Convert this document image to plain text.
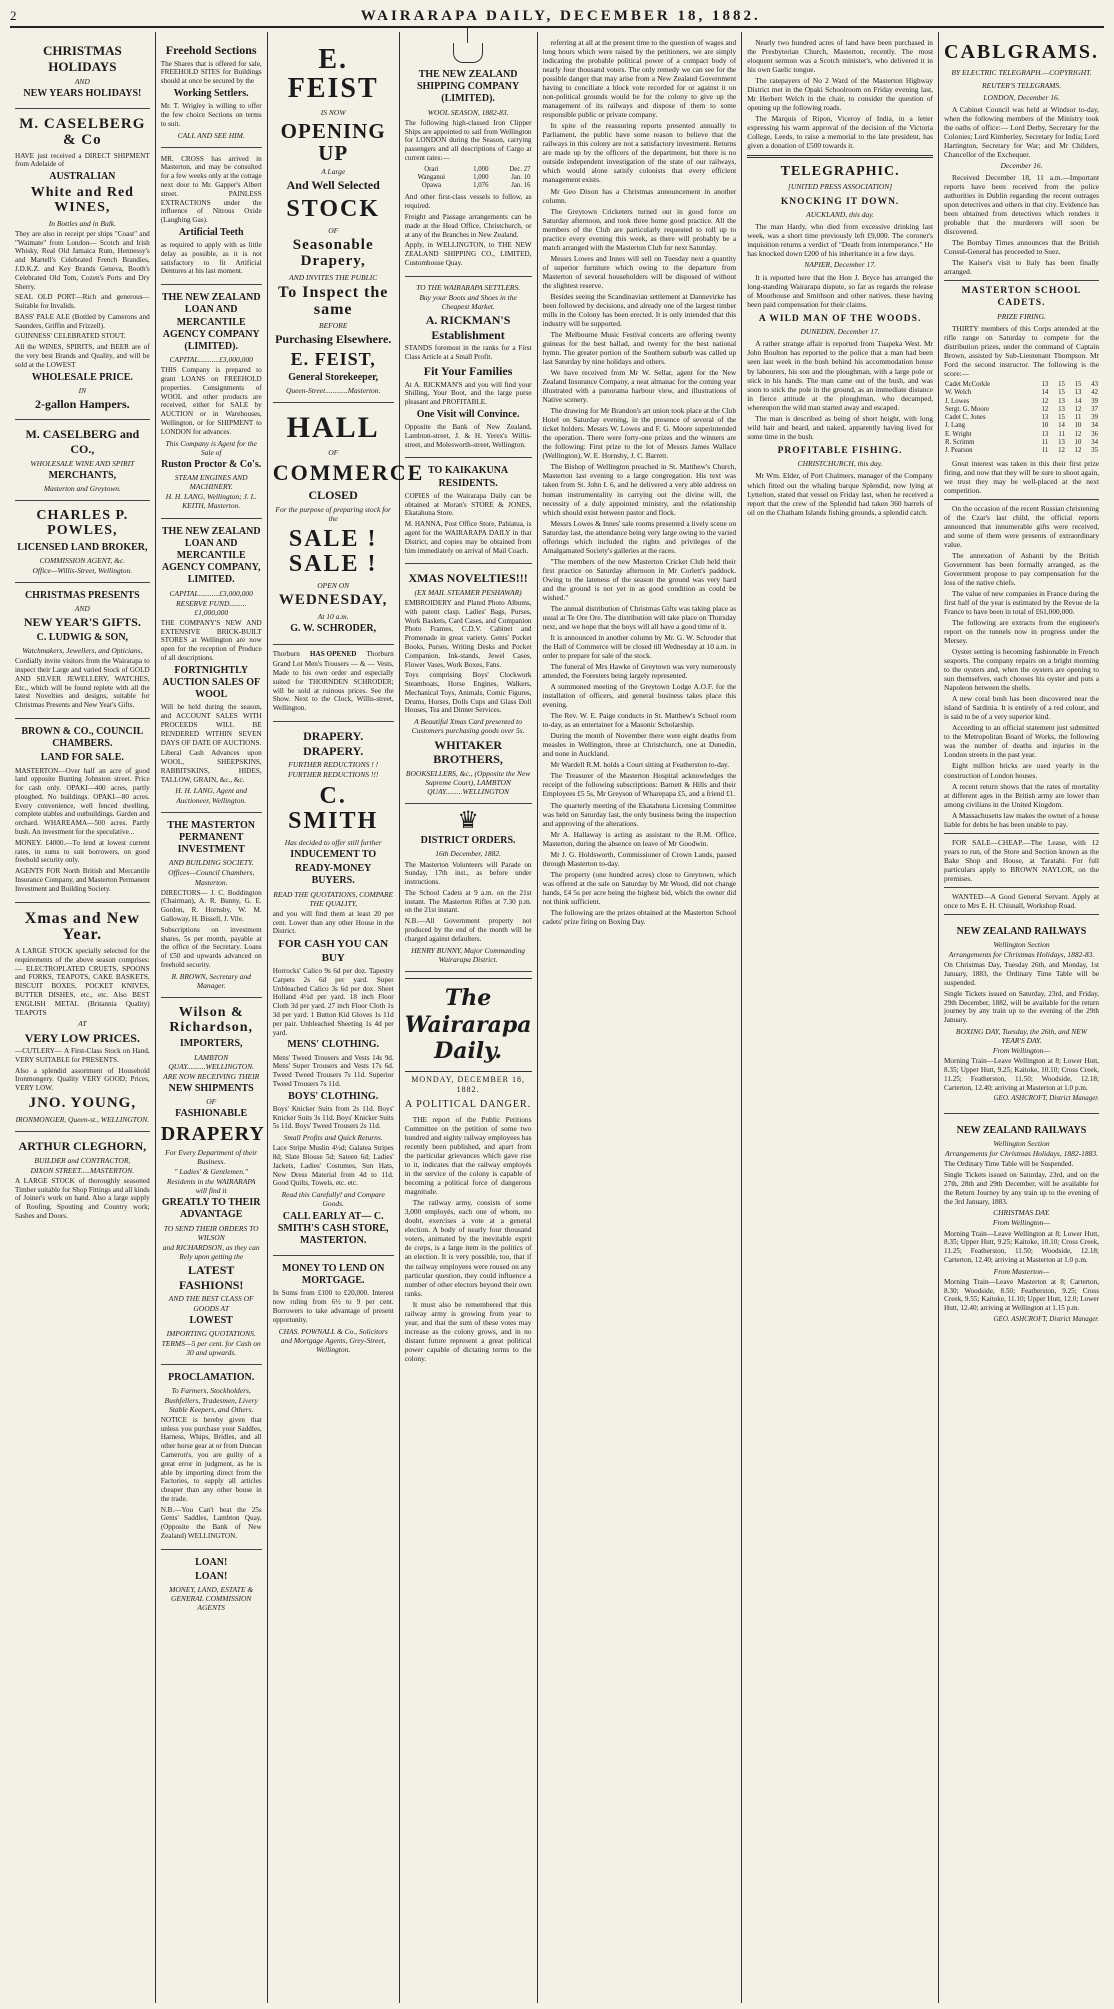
2	WAIRARAPA DAILY, DECEMBER 18, 1882.
CHRISTMAS HOLIDAYS
AND
NEW YEARS HOLIDAYS!
M. CASELBERG & Co

HAVE just received a DIRECT SHIPMENT from Adelaide of

AUSTRALIAN
White and Red WINES,
In Bottles and in Bulk.

They are also in receipt per ships "Coast" and "Waimate" from London— Scotch and Irish Whisky, Real Old Jamaica Rum, Hennessy's and Martell's Celebrated French Brandies, J.D.K.Z. and Key Brands Geneva, Booth's Celebrated Old Tom, Cozen's Ports and Dry Sherry.

SEAL OLD PORT—Rich and generous—Suitable for Invalids.

BASS' PALE ALE (Bottled by Camerons and Saunders, Griffin and Frizzell).

GUINNESS' CELEBRATED STOUT.

All the WINES, SPIRITS, and BEER are of the very best Brands and Quality, and will be sold at the LOWEST

WHOLESALE PRICE.
IN
2-gallon Hampers.
M. CASELBERG and CO.,
WHOLESALE WINE AND SPIRIT
MERCHANTS,
Masterton and Greytown.
CHARLES P. POWLES,
LICENSED LAND BROKER,
COMMISSION AGENT, &c.
Office—Willis-Street, Wellington.
CHRISTMAS PRESENTS
AND
NEW YEAR'S GIFTS.
C. LUDWIG & SON,
Watchmakers, Jewellers, and Opticians,

Cordially invite visitors from the Wairarapa to inspect their Large and varied Stock of GOLD AND SILVER JEWELLERY, WATCHES, Etc., which will be found replete with all the latest Novelties and designs, suitable for Christmas Presents and New Year's Gifts.

BROWN & CO., COUNCIL CHAMBERS.
LAND FOR SALE.

MASTERTON—Over half an acre of good land opposite Bunting Johnston street. Price for cash only. OPAKI—400 acres, partly ploughed. No buildings. OPAKI—80 acres. Every convenience, well fenced dwelling, complete stables and outbuildings. Garden and orchard. WHAREAMA—500 acres. Partly bush. An investment for the speculative...

MONEY. £4000.—To lend at lowest current rates, in sums to suit borrowers, on good freehold security only.

AGENTS FOR North British and Mercantile Insurance Company, and Masterton Permanent Investment and Building Society.

Xmas and New Year.

A LARGE STOCK specially selected for the requirements of the above season comprises:— ELECTROPLATED CRUETS, SPOONS and FORKS, TEAPOTS, CAKE BASKETS, BISCUIT BOXES, POCKET KNIVES, BUTTER DISHES, etc., etc. Also BEST ENGLISH METAL (Britannia Quality) TEAPOTS

AT
VERY LOW PRICES.

—CUTLERY— A First-Class Stock on Hand, VERY SUITABLE for PRESENTS.

Also a splendid assortment of Household Ironmongery. Quality VERY GOOD; Prices, VERY LOW.

JNO. YOUNG,
IRONMONGER, Queen-st., WELLINGTON.
ARTHUR CLEGHORN,
BUILDER and CONTRACTOR,
DIXON STREET.....MASTERTON.

A LARGE STOCK of thoroughly seasoned Timber suitable for Shop Fittings and all kinds of Joiner's work on hand. Also a large supply of Roofing, Spouting and Country work; Sashes and Doors.

Freehold Sections

The Shares that is offered for sale, FREEHOLD SITES for Buildings should at once be secured by the

Working Settlers.

Mr. T. Wrigley is willing to offer the few choice Sections on terms to suit.

CALL AND SEE HIM.

MR. CROSS has arrived in Masterton, and may be consulted for a few weeks only at the cottage next door to Mr. Gapper's Albert street. PAINLESS EXTRACTIONS under the influence of Nitrous Oxide (Laughing Gas).

Artificial Teeth

as required to apply with as little delay as possible, as it is not satisfactory to fit Artificial Dentures at his last moment.

THE NEW ZEALAND LOAN AND MERCANTILE AGENCY COMPANY (LIMITED).
CAPITAL...........£3,000,000

THIS Company is prepared to grant LOANS on FREEHOLD properties. Consignments of WOOL and other products are received, either for SALE by AUCTION or in Warehouses, Wellington, or for SHIPMENT to LONDON for advances.

This Company is Agent for the Sale of
Ruston Proctor & Co's.
STEAM ENGINES AND MACHINERY.
H. H. LANG, Wellington; J. L. KEITH, Masterton.
THE NEW ZEALAND LOAN AND MERCANTILE AGENCY COMPANY, LIMITED.
CAPITAL...........£3,000,000
RESERVE FUND.........£1,000,000

THE COMPANY'S NEW AND EXTENSIVE BRICK-BUILT STORES at Wellington are now open for the reception of Produce of all descriptions.

FORTNIGHTLY AUCTION SALES OF WOOL

Will be held during the season, and ACCOUNT SALES WITH PROCEEDS WILL BE RENDERED WITHIN SEVEN DAYS OF DATE OF AUCTIONS.

Liberal Cash Advances upon WOOL, SHEEPSKINS, RABBITSKINS, HIDES, TALLOW, GRAIN, &c., &c.

H. H. LANG, Agent and Auctioneer, Wellington.
THE MASTERTON PERMANENT INVESTMENT
AND BUILDING SOCIETY.
Offices—Council Chambers, Masterton.

DIRECTORS— J. C. Boddington (Chairman), A. R. Bunny, G. E. Gordon, R. Hornsby, W. M. Galloway, H. Bissell, J. Vile.

Subscriptions on investment shares, 5s per month, payable at the office of the Secretary. Loans of £50 and upwards advanced on freehold security.

R. BROWN, Secretary and Manager.
Wilson & Richardson,
IMPORTERS,
LAMBTON QUAY..........WELLINGTON.
ARE NOW RECEIVING THEIR
NEW SHIPMENTS
OF
FASHIONABLE
DRAPERY
For Every Department of their Business.
" Ladies' & Gentlemen."
Residents in the WAIRARAPA will find it
GREATLY TO THEIR ADVANTAGE
TO SEND THEIR ORDERS TO WILSON
and RICHARDSON, as they can Rely upon getting the
LATEST FASHIONS!
AND THE BEST CLASS OF GOODS AT
LOWEST
IMPORTING QUOTATIONS.
TERMS—5 per cent. for Cash on 30 and upwards.
PROCLAMATION.
To Farmers, Stockholders, Bushfellers, Tradesmen, Livery Stable Keepers, and Others.

NOTICE is hereby given that unless you purchase your Saddles, Harness, Whips, Bridles, and all other horse gear at or from Duncan Cameron's, you are guilty of a great error in judgment, as he is able by importing direct from the Factories, to supply all articles cheaper than any other house in the trade.

N.B.—You Can't beat the 25s Gents' Saddles, Lambton Quay, (Opposite the Bank of New Zealand) WELLINGTON.

LOAN!
LOAN!
MONEY, LAND, ESTATE & GENERAL COMMISSION AGENTS
E. FEIST
IS NOW
OPENING UP
A Large
And Well Selected
STOCK
OF
Seasonable Drapery,
AND INVITES THE PUBLIC
To Inspect the same
BEFORE
Purchasing Elsewhere.
E. FEIST,
General Storekeeper,
Queen-Street............Masterton.
HALL
OF
COMMERCE
CLOSED
For the purpose of preparing stock for the
SALE ! SALE !
OPEN ON
WEDNESDAY,
At 10 a.m.
G. W. SCHRODER,
Thorburn HAS OPENED Thorburn

Grand Lot Men's Trousers — & — Vests, Made to his own order and especially suited for THORNDEN SCHRODER; will be sold at ruinous prices. See the Show. Next to the Clock, Willis-street, Wellington.

DRAPERY. DRAPERY.
FURTHER REDUCTIONS ! !
FURTHER REDUCTIONS !!!
C. SMITH
Has decided to offer still further
INDUCEMENT TO
READY-MONEY BUYERS.
READ THE QUOTATIONS, COMPARE THE QUALITY,

and you will find them at least 20 per cent. Lower than any other House in the District.

FOR CASH YOU CAN BUY

Horrocks' Calico 9s 6d per doz. Tapestry Carpets 2s 6d per yard. Super Unbleached Calico 3s 6d per doz. Sheet Holland 4½d per yard. 18 inch Floor Cloth 3d per yard. 27 inch Floor Cloth 1s 3d per yard. 1 Button Kid Gloves 1s 11d per pair. Unbleached Sheeting 1s 4d per yard.

MENS' CLOTHING.

Mens' Tweed Trousers and Vests 14s 9d. Mens' Super Trousers and Vests 17s 6d. Tweed Tweed Trousers 7s 11d. Superior Tweed Trousers 7s 11d.

BOYS' CLOTHING.

Boys' Knicker Suits from 2s 11d. Boys' Knicker Suits 3s 11d. Boys' Knicker Suits 5s 11d. Boys' Tweed Trousers 2s 11d.

Small Profits and Quick Returns.

Lace Stripe Muslin 4½d; Galatea Stripes 8d; Slate Blouse 5d; Sateen 6d; Ladies' Jackets, Ladies' Costumes, Sun Hats, New Dress Material from 4d to 11d. Good Quilts, Towels, etc. etc.

Read this Carefully! and Compare Goods.
CALL EARLY AT— C. SMITH'S CASH STORE, MASTERTON.
MONEY TO LEND ON MORTGAGE.

In Sums from £100 to £20,000. Interest now ruling from 6½ to 9 per cent. Borrowers to take advantage of present opportunity.

CHAS. POWNALL & Co., Solicitors and Mortgage Agents, Grey-Street, Wellington.
THE NEW ZEALAND SHIPPING COMPANY (LIMITED).
WOOL SEASON, 1882-83.

The following high-classed Iron Clipper Ships are appointed to sail from Wellington for LONDON during the Season, carrying passengers and all descriptions of Cargo at current rates:—

Orari	1,000	Dec. 27
Wanganui	1,000	Jan. 10
Opawa	1,076	Jan. 16

And other first-class vessels to follow, as required.

Freight and Passage arrangements can be made at the Head Office, Christchurch, or at any of the Branches in New Zealand.

Apply, in WELLINGTON, to THE NEW ZEALAND SHIPPING CO., LIMITED, Customhouse Quay.

TO THE WAIRARAPA SETTLERS.
Buy your Boots and Shoes in the Cheapest Market.
A. RICKMAN'S Establishment

STANDS foremost in the ranks for a First Class Article at a Small Profit.

Fit Your Families

At A. RICKMAN'S and you will find your Shilling, Your Boot, and the large purse pleasant and PROFITABLE.

One Visit will Convince.

Opposite the Bank of New Zealand, Lambton-street, J. & H. Yerex's Willis-street, and Molesworth-street, Wellington.

TO KAIKAKUNA RESIDENTS.

COPIES of the Wairarapa Daily can be obtained at Moran's STORE & JONES, Ekatahuna Store.

M. HANNA, Post Office Store, Pahiatua, is agent for the WAIRARAPA DAILY in that District, and copies may be obtained from him immediately on arrival of Mail Coach.

XMAS NOVELTIES!!!
(EX MAIL STEAMER PESHAWAR)

EMBROIDERY and Plated Photo Albums, with patent clasp. Ladies' Bags, Purses, Work Baskets, Card Cases, and Companion Photo Frames, C.D.V. Cabinet and Promenade in great variety. Gents' Pocket Books, Purses, Writing Desks and Pocket Companion, Ink-stands, Jewel Cases, Flower Vases, Work Boxes, Fans.

Toys comprising Boys' Clockwork Steamboats, Horse Engines, Walkers, Mechanical Toys, Animals, Comic Figures, Drums, Horses, Dolls Cups and Glass Doll Houses, Tea and Dinner Services.

A Beautiful Xmas Card presented to Customers purchasing goods over 5s.
WHITAKER BROTHERS,
BOOKSELLERS, &c., (Opposite the New Supreme Court), LAMBTON QUAY.........WELLINGTON
♛
DISTRICT ORDERS.
16th December, 1882.

The Masterton Volunteers will Parade on Sunday, 17th inst., as before under instructions.

The School Cadets at 9 a.m. on the 21st instant. The Masterton Rifles at 7.30 p.m. on the 21st instant.

N.B.—All Government property not produced by the end of the month will be charged against defaulters.

HENRY BUNNY, Major Commanding Wairarapa District.
The Wairarapa Daily.
MONDAY, DECEMBER 18, 1882.
A POLITICAL DANGER.

THE report of the Public Petitions Committee on the petition of some two hundred and eighty railway employees has recently been published, and apart from the particular grievances which gave rise to it, indicates that the railway employés in the service of the colony is capable of becoming a political force of dangerous magnitude.

The railway army, consists of some 3,000 employés, each one of whom, no doubt, exercises a vote at a general election. A body of nearly four thousand voters, animated by the inevitable esprit de corps, is a large item in the politics of an election. It is very possible, too, that if the railway employees were roused on any particular question, they could influence a number of other electors beyond their own ranks.

It must also be remembered that this railway army is growing from year to year, and that the sum of these votes may increase as the colony grows, and in no distant future represent a great political power capable of dictating terms to the colony.

referring at all at the present time to the question of wages and long hours which were raised by the petitioners, we are simply indicating the probable political power of a compact body of nearly four thousand voters. The only remedy we can see for the possible danger that may arise from a New Zealand Government having to conciliate a block vote recorded for or against it on non-political grounds would be for the colony to give up the management of its railways and dispose of them to some responsible public or private company.

In spite of the reassuring reports presented annually to Parliament, the public have some reason to believe that the railways in this colony are not a satisfactory investment. Returns are made up by the officers of the department, but there is no outside independent investigation of the state of our railways, which would alone satisfy colonists that every efficient management exists.

Mr Geo Dixon has a Christmas announcement in another column.

The Greytown Cricketers turned out in good force on Saturday afternoon, and took three home good practice. All the members of the Club are particularly requested to roll up to practice every evening this week, as there will probably be a match arranged with the Masterton Club for next Saturday.

Messrs Lowes and Innes will sell on Tuesday next a quantity of superior furniture which owing to the departure from Masterton of several householders will be disposed of without the slightest reserve.

Besides seeing the Scandinavian settlement at Dannevirke has been followed by decisions, and already one of the largest timber mills in the Colony has been erected. It is only intended that this industry will be supported.

The Melbourne Music Festival concerts are offering twenty guineas for the best ballad, and twenty for the best national hymn. The greater portion of the Southern suburb was called up last Saturday by nine holidays and others.

We have received from Mr W. Sellar, agent for the New Zealand Insurance Company, a neat almanac for the coming year illustrated with a panorama harbour view, and illustrations of Native scenery.

The drawing for Mr Brandon's art union took place at the Club Hotel on Saturday evening, in the presence of several of the ticket holders. Messrs W. Lowes and F. G. Moore superintended the operation. There were forty-one prizes and the winners are the following: First prize to the lot of Messrs James Wallace (Wellington), W. E. Hornsby, J. C. Barrett.

The Bishop of Wellington preached in St. Matthew's Church, Masterton last evening to a large congregation. His text was taken from St. John I. 6, and he delivered a very able address on human instrumentality in carrying out the divine will, the necessity of a duly appointed ministry, and the relationship which should exist between pastor and flock.

Messrs Lowes & Innes' sale rooms presented a lively scene on Saturday last, the attendance being very large owing to the varied offerings which included the rights and privileges of the Amalgamated Society's galleries at the races.

"The members of the new Masterton Cricket Club held their first practice on Saturday afternoon in Mr Corlett's paddock. Owing to the lateness of the season the ground was very hard and the ground is not yet in as good condition as could be wished."

The annual distribution of Christmas Gifts was taking place as usual at Te Ore Ore. The distribution will take place on Thursday next, and we hope that the boys will all have a good time of it.

It is announced in another column by Mr. G. W. Schroder that the Hall of Commerce will be closed till Wednesday at 10 a.m. in order to prepare for sale of the stock.

The funeral of Mrs Hawke of Greytown was very numerously attended, the Foresters being largely represented.

A summoned meeting of the Greytown Lodge A.O.F. for the installation of officers, and general business takes place this evening.

The Rev. W. E. Paige conducts in St. Matthew's School room to-day, as an entertainer for a Masonic Scholarship.

During the month of November there were eight deaths from measles in Wellington, three at Christchurch, one at Dunedin, and none in Auckland.

Mr Wardell R.M. holds a Court sitting at Featherston to-day.

The Treasurer of the Masterton Hospital acknowledges the receipt of the following subscriptions: Barnett & Hills and their Employees £5 5s, Mr Greyson of Wharepapa £5, and a friend £1.

The quarterly meeting of the Ekatahuna Licensing Committee was held on Saturday last, the only business being the inspection and approving of the alterations.

Mr A. Hallaway is acting as assistant to the R.M. Office, Masterton, during the absence on leave of Mr Goodwin.

Mr J. G. Holdsworth, Commissioner of Crown Lands, passed through Masterton to-day.

The property (one hundred acres) close to Greytown, which was offered at the sale on Saturday by Mr Wood, did not change hands, £4 5s per acre being the highest bid, which the owner did not think sufficient.

The following are the prizes obtained at the Masterton School cadets' prize firing on Boxing Day.

Nearly two hundred acres of land have been purchased in the Presbyterian Church, Masterton, recently. The most eloquent sermon was a Scotch minister's, who delivered it in his own Gaelic tongue.

The ratepayers of No 2 Ward of the Masterton Highway District met in the Opaki Schoolroom on Friday evening last, Mr Herbert Welch in the chair, to consider the question of opening up the following roads.

The Marquis of Ripon, Viceroy of India, in a letter expressing his warm approval of the decision of the Victoria College, Leeds, to raise a memorial to the late president, has given a donation of £500 towards it.

TELEGRAPHIC.
[UNITED PRESS ASSOCIATION]
KNOCKING IT DOWN.
AUCKLAND, this day.

The man Hardy, who died from excessive drinking last week, was a short time previously left £9,000. The coroner's inquisition returns a verdict of "Death from intemperance." He has knocked down £200 of his inheritance in a few days.

NAPIER, December 17.

It is reported here that the Hon J. Bryce has arranged the long-standing Wairarapa dispute, so far as regards the release of Moorhouse and Smithson and other natives, these having been paid compensation for their claims.

A WILD MAN OF THE WOODS.
DUNEDIN, December 17.

A rather strange affair is reported from Tuapeka West. Mr John Boulton has reported to the police that a man had been seen last week in the bush behind his accommodation house by labourers, his son and the ploughman, with a large pole or stick in his hands. The man came out of the bush, and was soon to stick the pole in the ground, as an immediate distance in fierce attitude at the ploughman, who decamped, whereupon the wild man started away and escaped.

The man is described as being of short height, with long wild hair and beard, and naked, apparently having lived for some time in the bush.

PROFITABLE FISHING.
CHRISTCHURCH, this day.

Mr Wm. Elder, of Port Chalmers, manager of the Company which fitted out the whaling barque Splendid, now lying at Lyttelton, stated that vessel on Friday last, when he received a report that the crew of the Splendid had taken 360 barrels of oil on the Chatham Islands fishing grounds, a splendid catch.

CABLGRAMS.
BY ELECTRIC TELEGRAPH.—COPYRIGHT.
REUTER'S TELEGRAMS.
LONDON, December 16.

A Cabinet Council was held at Windsor to-day, when the following members of the Ministry took the oaths of office:— Lord Derby, Secretary for the Colonies; Lord Kimberley, Secretary for India; Lord Hartington, Secretary for War; and Mr Childers, Chancellor of the Exchequer.

December 16.

Received December 18, 11 a.m.—Important reports have been received from the police authorities in Dublin regarding the recent outrages upon detectives and others in that city. Evidence has been obtained from detectives which renders it probable that the murderers will soon be discovered.

The Bombay Times announces that the British Consul-General has proceeded to Suez.

The Kaiser's visit to Italy has been finally arranged.

MASTERTON SCHOOL CADETS.
PRIZE FIRING.

THIRTY members of this Corps attended at the rifle range on Saturday to compete for the distribution prizes, under the command of Captain Brown, assisted by Sub-Lieutenant Thompson. Mr Ford the second instructor. The following is the score:—

Cadet McCorkle	13	15	15	43
W. Welch	14	15	13	42
J. Lowes	12	13	14	39
Sergt. G. Moore	12	13	12	37
Cadet C. Jones	13	15	11	39
J. Lang	10	14	10	34
E. Wright	13	11	12	36
R. Scrimm	11	13	10	34
J. Pearson	11	12	12	35

Great interest was taken in this their first prize firing, and now that they will be sure to shoot again, we trust they may be well-placed at the next competition.

On the occasion of the recent Russian christening of the Czar's last child, the official reports announced that innumerable gifts were received, and some of them were presents of extraordinary value.

The annexation of Ashanti by the British Government has been formally arranged, as the Government propose to pay compensation for the loss of the native chiefs.

The value of new companies in France during the first half of the year is estimated by the Revue de la France to have been in total of £61,000,000.

The following are extracts from the engineer's report on the tunnels now in progress under the Mersey.

Oyster setting is becoming fashionable in French seaports. The company repairs on a bright morning to the oysters and, when the oysters are opening to sun themselves, each chooses his oyster and puts a Napoleon between the shells.

A new coral bush has been discovered near the island of Sardinia. It is entirely of a red colour, and is said to be of a very superior kind.

According to an official statement just submitted to the Metropolitan Board of Works, the following was the number of deaths and injuries in the London streets in the past year.

Eight million bricks are used yearly in the construction of London houses.

A recent return shows that the rates of mortality at different ages in the British army are lower than among civilians in the United Kingdom.

A Massachusetts law makes the owner of a house liable for debts he has been unable to pay.

FOR SALE—CHEAP.—The Lease, with 12 years to run, of the Store and Section known as the Bake Shop and House, at Taratahi. For full particulars apply to BROWN NAYLOR, on the premises.

WANTED—A Good General Servant. Apply at once to Mrs E. H. Chisnall, Workshop Road.

NEW ZEALAND RAILWAYS
Wellington Section
Arrangements for Christmas Holidays, 1882-83.

On Christmas Day, Tuesday 26th, and Monday, 1st January, 1883, the Ordinary Time Table will be suspended.

Single Tickets issued on Saturday, 23rd, and Friday, 29th December, 1882, will be available for the return journey by any train up to the evening of the 29th January.

BOXING DAY, Tuesday, the 26th, and NEW YEAR'S DAY.
From Wellington—

Morning Train—Leave Wellington at 8; Lower Hutt, 8.35; Upper Hutt, 9.25; Kaitoke, 10.10; Cross Creek, 11.25; Featherston, 11.50; Woodside, 12.18; Carterton, 12.40; arriving at Masterton at 1.0 p.m.

GEO. ASHCROFT, District Manager.
NEW ZEALAND RAILWAYS
Wellington Section
Arrangements for Christmas Holidays, 1882-1883.

The Ordinary Time Table will be Suspended.

Single Tickets issued on Saturday, 23rd, and on the 27th, 28th and 29th December, will be available for the Return Journey by any train up to the evening of the 3rd January, 1883.

CHRISTMAS DAY.
From Wellington—

Morning Train—Leave Wellington at 8; Lower Hutt, 8.35; Upper Hutt, 9.25; Kaitoke, 10.10; Cross Creek, 11.25; Featherston, 11.50; Woodside, 12.18; Carterton, 12.40; arriving at Masterton at 1.0 p.m.

From Masterton—

Morning Train—Leave Masterton at 8; Carterton, 8.30; Woodside, 8.50; Featherston, 9.25; Cross Creek, 9.55; Kaitoke, 11.10; Upper Hutt, 12.0; Lower Hutt, 12.40; arriving at Wellington at 1.15 p.m.

GEO. ASHCROFT, District Manager.
